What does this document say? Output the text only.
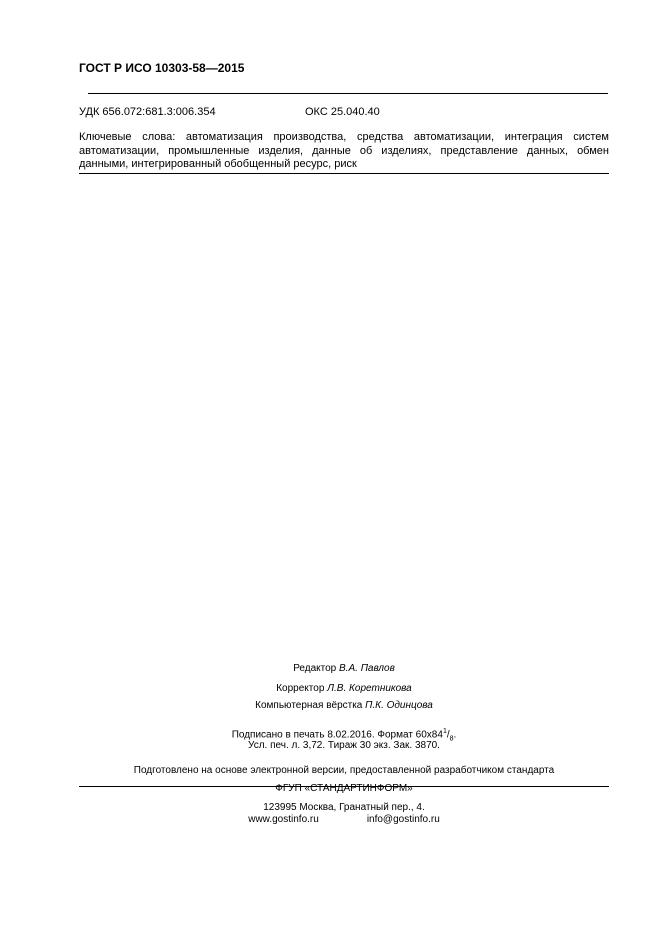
ГОСТ Р ИСО 10303-58—2015
УДК 656.072:681.3:006.354	ОКС 25.040.40
Ключевые слова: автоматизация производства, средства автоматизации, интеграция систем автоматизации, промышленные изделия, данные об изделиях, представление данных, обмен данными, интегрированный обобщенный ресурс, риск
Редактор В.А. Павлов
Корректор Л.В. Коретникова
Компьютерная вёрстка П.К. Одинцова
Подписано в печать 8.02.2016. Формат $60x84^1/_8$.
Усл. печ. л. 3,72. Тираж 30 экз. Зак. 3870.
Подготовлено на основе электронной версии, предоставленной разработчиком стандарта
ФГУП «СТАНДАРТИНФОРМ»
123995 Москва, Гранатный пер., 4.
www.gostinfo.ru	info@gostinfo.ru
